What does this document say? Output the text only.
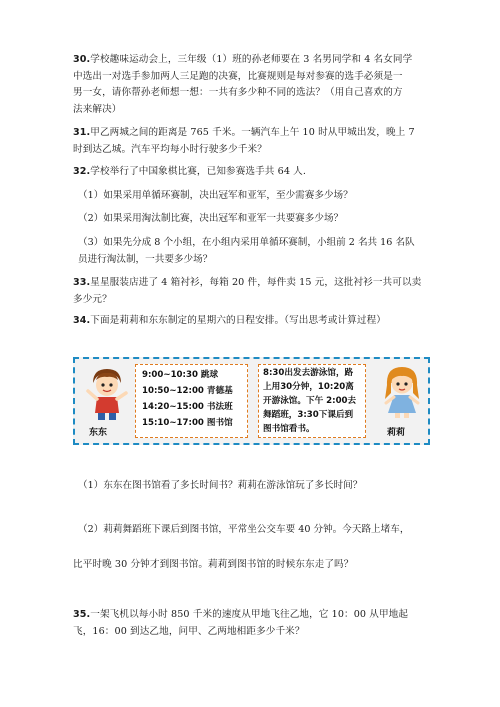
30.学校趣味运动会上，三年级（1）班的孙老师要在 3 名男同学和 4 名女同学
中选出一对选手参加两人三足跑的决赛，比赛规则是每对参赛的选手必须是一
男一女，请你帮孙老师想一想：一共有多少种不同的选法？（用自己喜欢的方
法来解决）
31.甲乙两城之间的距离是 765 千米。一辆汽车上午 10 时从甲城出发，晚上 7
时到达乙城。汽车平均每小时行驶多少千米？
32.学校举行了中国象棋比赛，已知参赛选手共 64 人.
（1）如果采用单循环赛制，决出冠军和亚军，至少需赛多少场？
（2）如果采用淘汰制比赛，决出冠军和亚军一共要赛多少场？
（3）如果先分成 8 个小组，在小组内采用单循环赛制，小组前 2 名共 16 名队
员进行淘汰制，一共要多少场？
33.星星服装店进了 4 箱衬衫，每箱 20 件，每件卖 15 元，这批衬衫一共可以卖
多少元？
34.下面是莉莉和东东制定的星期六的日程安排。（写出思考或计算过程）
东东
9:00~10:30 跳球
10:50~12:00 青德基
14:20~15:00 书法班
15:10~17:00 图书馆
8:30出发去游泳馆，路
上用30分钟，10:20离
开游泳馆。下午 2:00去
舞蹈班，3:30下课后到
图书馆看书。	莉莉
（1）东东在图书馆看了多长时间书？莉莉在游泳馆玩了多长时间？
（2）莉莉舞蹈班下课后到图书馆，平常坐公交车要 40 分钟。今天路上堵车，
比平时晚 30 分钟才到图书馆。莉莉到图书馆的时候东东走了吗？
35.一架飞机以每小时 850 千米的速度从甲地飞往乙地，它 10：00 从甲地起
飞，16：00 到达乙地，问甲、乙两地相距多少千米？
